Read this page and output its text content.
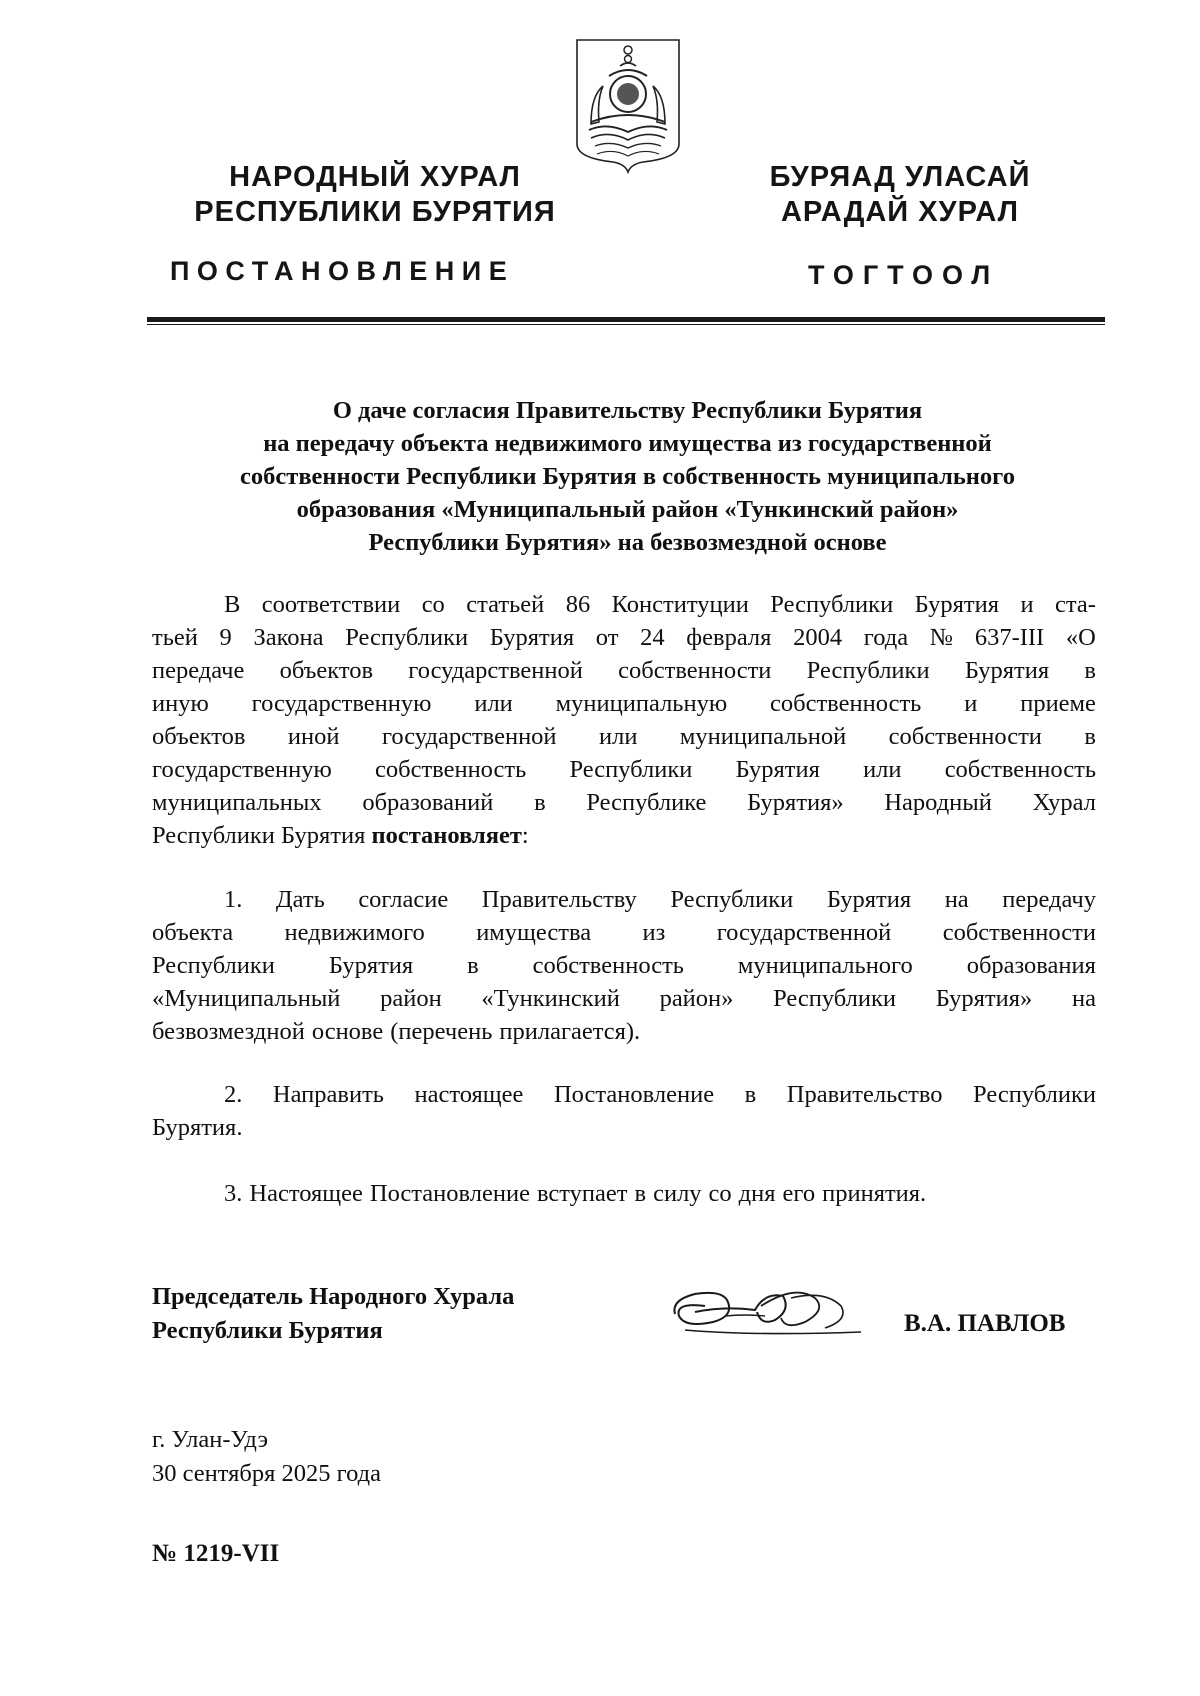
НАРОДНЫЙ ХУРАЛ
РЕСПУБЛИКИ БУРЯТИЯ
БУРЯАД УЛАСАЙ
АРАДАЙ ХУРАЛ
ПОСТАНОВЛЕНИЕ	ТОГТООЛ
О даче согласия Правительству Республики Бурятия
на передачу объекта недвижимого имущества из государственной
собственности Республики Бурятия в собственность муниципального
образования «Муниципальный район «Тункинский район»
Республики Бурятия» на безвозмездной основе
В соответствии со статьей 86 Конституции Республики Бурятия и ста-
тьей 9 Закона Республики Бурятия от 24 февраля 2004 года № 637-III «О
передаче объектов государственной собственности Республики Бурятия в
иную государственную или муниципальную собственность и приеме
объектов иной государственной или муниципальной собственности в
государственную собственность Республики Бурятия или собственность
муниципальных образований в Республике Бурятия» Народный Хурал
Республики Бурятия постановляет:
1. Дать согласие Правительству Республики Бурятия на передачу
объекта недвижимого имущества из государственной собственности
Республики Бурятия в собственность муниципального образования
«Муниципальный район «Тункинский район» Республики Бурятия» на
безвозмездной основе (перечень прилагается).
2. Направить настоящее Постановление в Правительство Республики
Бурятия.
3. Настоящее Постановление вступает в силу со дня его принятия.
Председатель Народного Хурала
Республики Бурятия	В.А. ПАВЛОВ
г. Улан-Удэ
30 сентября 2025 года
№ 1219-VII
